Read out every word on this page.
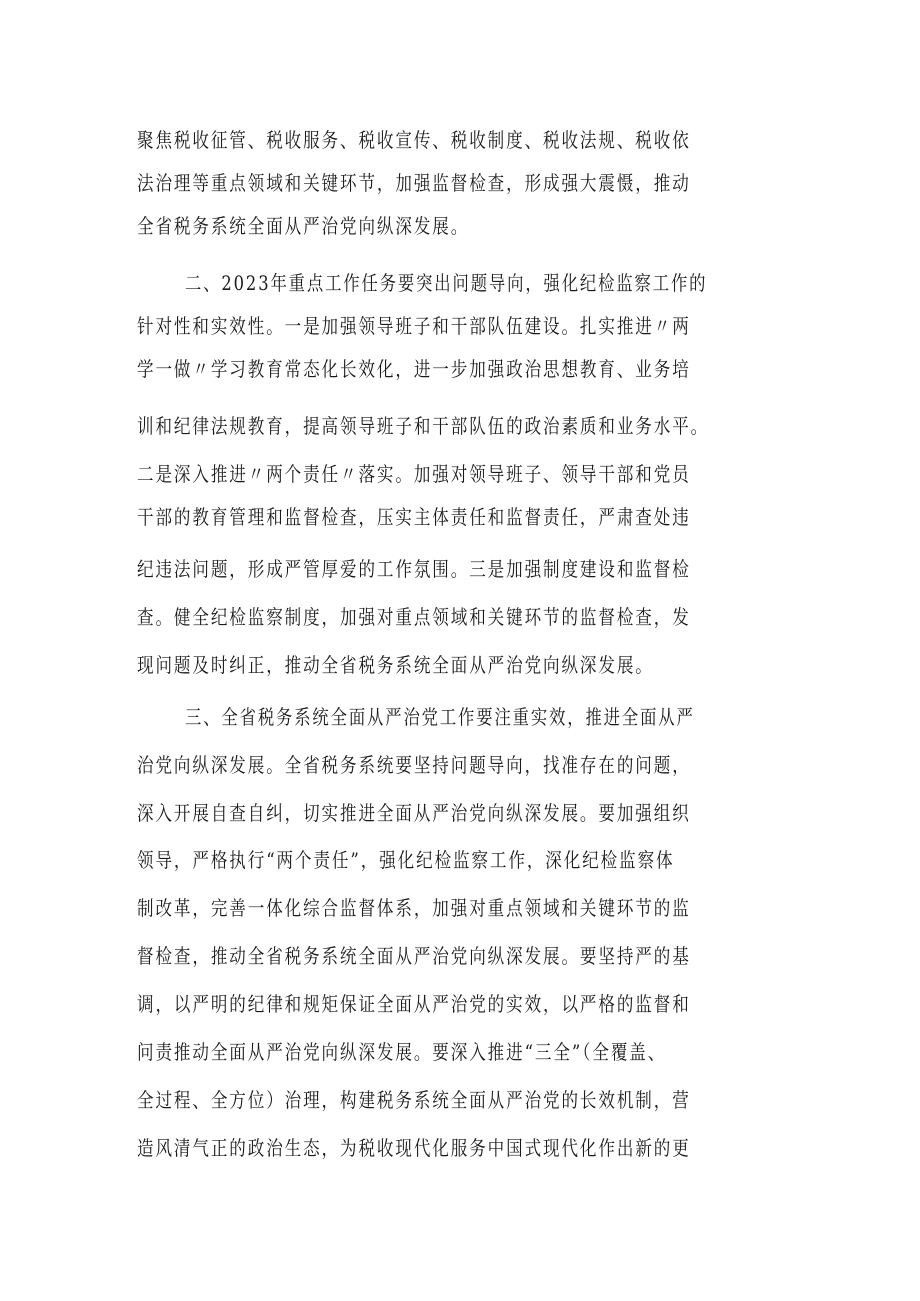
聚焦税收征管、税收服务、税收宣传、税收制度、税收法规、税收依
法治理等重点领域和关键环节，加强监督检查，形成强大震慑，推动
全省税务系统全面从严治党向纵深发展。
二、2023年重点工作任务要突出问题导向，强化纪检监察工作的
针对性和实效性。一是加强领导班子和干部队伍建设。扎实推进〃两
学一做〃学习教育常态化长效化，进一步加强政治思想教育、业务培
训和纪律法规教育，提高领导班子和干部队伍的政治素质和业务水平。
二是深入推进〃两个责任〃落实。加强对领导班子、领导干部和党员
干部的教育管理和监督检查，压实主体责任和监督责任，严肃查处违
纪违法问题，形成严管厚爱的工作氛围。三是加强制度建设和监督检
查。健全纪检监察制度，加强对重点领域和关键环节的监督检查，发
现问题及时纠正，推动全省税务系统全面从严治党向纵深发展。
三、全省税务系统全面从严治党工作要注重实效，推进全面从严
治党向纵深发展。全省税务系统要坚持问题导向，找准存在的问题，
深入开展自查自纠，切实推进全面从严治党向纵深发展。要加强组织
领导，严格执行“两个责任”，强化纪检监察工作，深化纪检监察体
制改革，完善一体化综合监督体系，加强对重点领域和关键环节的监
督检查，推动全省税务系统全面从严治党向纵深发展。要坚持严的基
调，以严明的纪律和规矩保证全面从严治党的实效，以严格的监督和
问责推动全面从严治党向纵深发展。要深入推进“三全”（全覆盖、
全过程、全方位）治理，构建税务系统全面从严治党的长效机制，营
造风清气正的政治生态，为税收现代化服务中国式现代化作出新的更
